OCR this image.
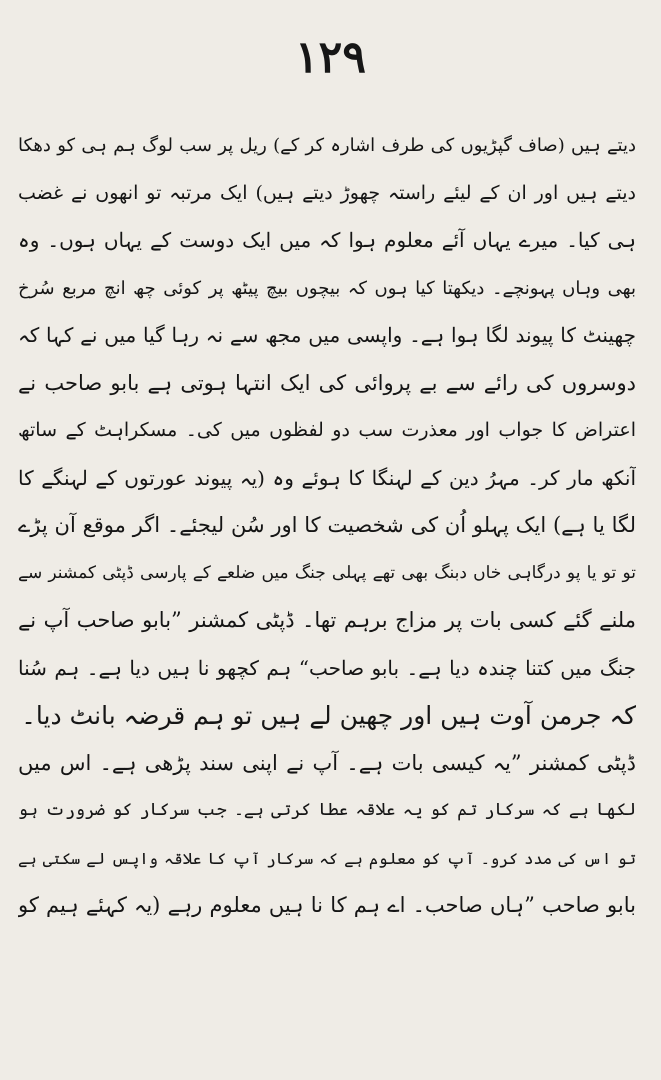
۱۲۹
دیتے ہیں (صاف گپڑیوں کی طرف اشارہ کر کے) ریل پر سب لوگ ہم ہی کو دھکا
دیتے ہیں اور ان کے لیئے راستہ چھوڑ دیتے ہیں) ایک مرتبہ تو انھوں نے غضب
ہی کیا۔ میرے یہاں آئے معلوم ہوا کہ میں ایک دوست کے یہاں ہوں۔ وہ
بھی وہاں پہونچے۔ دیکھتا کیا ہوں کہ بیچوں بیچ پیٹھ پر کوئی چھ انچ مربع سُرخ
چھینٹ کا پیوند لگا ہوا ہے۔ واپسی میں مجھ سے نہ رہا گیا میں نے کہا کہ
دوسروں کی رائے سے بے پروائی کی ایک انتہا ہوتی ہے بابو صاحب نے
اعتراض کا جواب اور معذرت سب دو لفظوں میں کی۔ مسکراہٹ کے ساتھ
آنکھ مار کر۔ مہرُ دین کے لہنگا کا ہوئے وہ (یہ پیوند عورتوں کے لہنگے کا
لگا یا ہے) ایک پہلو اُن کی شخصیت کا اور سُن لیجئے۔ اگر موقع آن پڑے
تو تو یا پو درگاہی خاں دبنگ بھی تھے پہلی جنگ میں ضلعے کے پارسی ڈپٹی کمشنر سے
ملنے گئے کسی بات پر مزاج برہم تھا۔ ڈپٹی کمشنر ”بابو صاحب آپ نے
جنگ میں کتنا چندہ دیا ہے۔ بابو صاحب“ ہم کچھو نا ہیں دیا ہے۔ ہم سُنا
کہ جرمن آوت ہیں اور چھین لے ہیں تو ہم قرضہ بانٹ دیا۔
ڈپٹی کمشنر ”یہ کیسی بات ہے۔ آپ نے اپنی سند پڑھی ہے۔ اس میں
لکھا ہے کہ سرکار تم کو یہ علاقہ عطا کرتی ہے۔ جب سرکار کو ضرورت ہو
تو اس کی مدد کرو۔ آپ کو معلوم ہے کہ سرکار آپ کا علاقہ واپس لے سکتی ہے
بابو صاحب ”ہاں صاحب۔ اے ہم کا نا ہیں معلوم رہے (یہ کہئے ہیم کو
